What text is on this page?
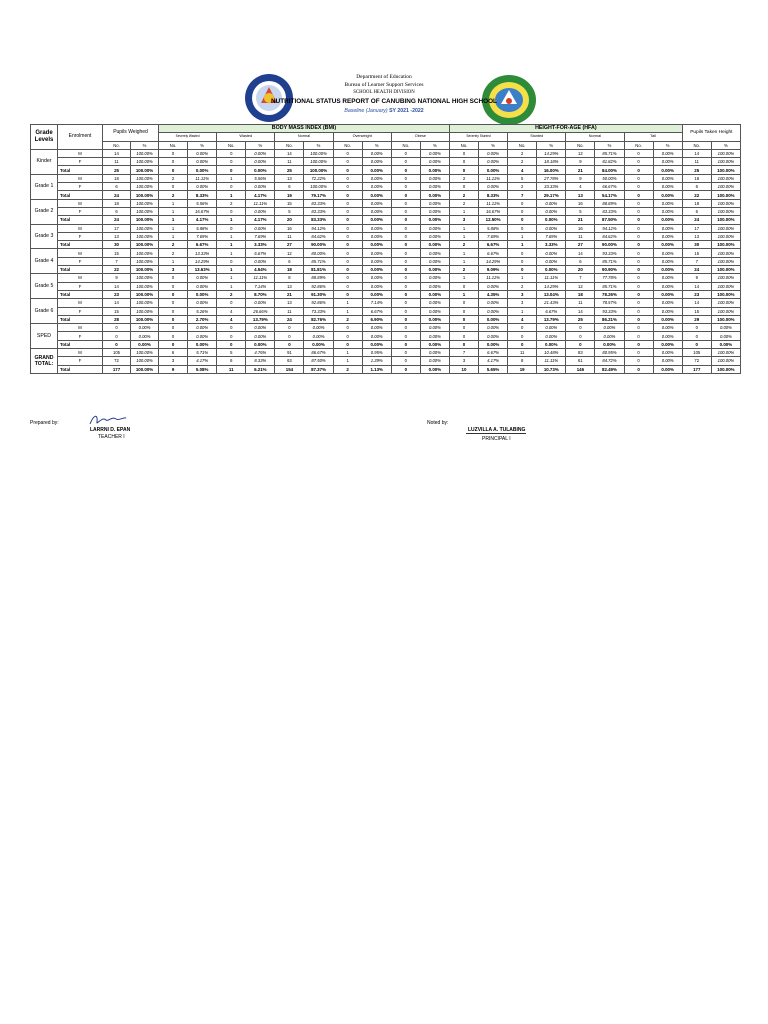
Department of Education
Bureau of Learner Support Services
SCHOOL HEALTH DIVISION
NUTRITIONAL STATUS REPORT OF CANUBING NATIONAL HIGH SCHOOL
Baseline (January) SY 2021 -2022
Grade Levels	Enrolment	Pupils Weighed		BODY MASS INDEX (BMI)										HEIGHT-FOR-AGE (HFA)								Pupils Taken Height	
				Severely Wasted		Wasted		Normal		Overweight		Obese		Severely Stunted		Stunted		Normal		Tall			
		No.	%	No.	%	No.	%	No.	%	No.	%	No.	%	No.	%	No.	%	No.	%	No.	%	No.	%
Kinder	M	14	100.00%	0	0.00%	0	0.00%	14	100.00%	0	0.00%	0	0.00%	0	0.00%	2	14.29%	12	85.71%	0	0.00%	14	100.00%
	F	11	100.00%	0	0.00%	0	0.00%	11	100.00%	0	0.00%	0	0.00%	0	0.00%	2	18.18%	9	81.82%	0	0.00%	11	100.00%
	Total	25	100.00%	0	0.00%	0	0.00%	25	100.00%	0	0.00%	0	0.00%	0	0.00%	4	16.00%	21	84.00%	0	0.00%	25	100.00%
Grade 1	M	18	100.00%	2	11.11%	1	5.56%	13	72.22%	0	0.00%	0	0.00%	2	11.11%	5	27.78%	9	50.00%	0	0.00%	18	100.00%
	F	6	100.00%	0	0.00%	0	0.00%	6	100.00%	0	0.00%	0	0.00%	0	0.00%	2	33.33%	4	66.67%	0	0.00%	6	100.00%
	Total	24	100.00%	2	8.33%	1	4.17%	19	79.17%	0	0.00%	0	0.00%	2	8.33%	7	29.17%	13	54.17%	0	0.00%	22	100.00%
Grade 2	M	18	100.00%	1	5.56%	2	11.11%	15	83.33%	0	0.00%	0	0.00%	2	11.11%	0	0.00%	16	88.89%	0	0.00%	18	100.00%
	F	6	100.00%	1	16.67%	0	0.00%	5	83.33%	0	0.00%	0	0.00%	1	16.67%	0	0.00%	5	83.33%	0	0.00%	6	100.00%
	Total	24	100.00%	1	4.17%	1	4.17%	20	83.33%	0	0.00%	0	0.00%	3	12.50%	0	0.00%	21	87.50%	0	0.00%	24	100.00%
Grade 3	M	17	100.00%	1	5.88%	0	0.00%	16	94.12%	0	0.00%	0	0.00%	1	5.88%	0	0.00%	16	94.12%	0	0.00%	17	100.00%
	F	13	100.00%	1	7.69%	1	7.69%	11	84.62%	0	0.00%	0	0.00%	1	7.69%	1	7.69%	11	84.62%	0	0.00%	13	100.00%
	Total	30	100.00%	2	6.67%	1	3.33%	27	90.00%	0	0.00%	0	0.00%	2	6.67%	1	3.33%	27	90.00%	0	0.00%	30	100.00%
Grade 4	M	15	100.00%	2	13.33%	1	6.67%	12	80.00%	0	0.00%	0	0.00%	1	6.67%	0	0.00%	14	93.33%	0	0.00%	15	100.00%
	F	7	100.00%	1	14.29%	0	0.00%	6	85.71%	0	0.00%	0	0.00%	1	14.29%	0	0.00%	6	85.71%	0	0.00%	7	100.00%
	Total	22	100.00%	3	13.63%	1	4.54%	18	81.81%	0	0.00%	0	0.00%	2	9.09%	0	0.00%	20	90.90%	0	0.00%	24	100.00%
Grade 5	M	9	100.00%	0	0.00%	1	11.11%	8	88.89%	0	0.00%	0	0.00%	1	11.11%	1	11.11%	7	77.78%	0	0.00%	9	100.00%
	F	14	100.00%	0	0.00%	1	7.14%	13	92.86%	0	0.00%	0	0.00%	0	0.00%	2	14.29%	12	85.71%	0	0.00%	14	100.00%
	Total	23	100.00%	0	0.00%	2	8.70%	21	91.30%	0	0.00%	0	0.00%	1	4.35%	3	13.04%	18	78.26%	0	0.00%	23	100.00%
Grade 6	M	14	100.00%	0	0.00%	0	0.00%	13	92.86%	1	7.14%	0	0.00%	0	0.00%	3	21.43%	11	78.57%	0	0.00%	14	100.00%
	F	15	100.00%	0	5.26%	4	26.66%	11	73.33%	1	6.67%	0	0.00%	0	0.00%	1	6.67%	14	93.33%	0	0.00%	15	100.00%
	Total	28	100.00%	0	2.70%	4	13.79%	24	82.76%	2	6.90%	0	0.00%	0	0.00%	4	13.79%	25	86.21%	0	0.00%	29	100.00%
SPED	M	0	0.00%	0	0.00%	0	0.00%	0	0.00%	0	0.00%	0	0.00%	0	0.00%	0	0.00%	0	0.00%	0	0.00%	0	0.00%
	F	0	0.00%	0	0.00%	0	0.00%	0	0.00%	0	0.00%	0	0.00%	0	0.00%	0	0.00%	0	0.00%	0	0.00%	0	0.00%
	Total	0	0.00%	0	0.00%	0	0.00%	0	0.00%	0	0.00%	0	0.00%	0	0.00%	0	0.00%	0	0.00%	0	0.00%	0	0.00%
GRAND TOTAL:	M	105	100.00%	6	5.71%	5	4.76%	91	86.67%	1	0.95%	0	0.00%	7	6.67%	11	10.48%	83	80.95%	0	0.00%	105	100.00%
	F	72	100.00%	3	4.17%	6	8.33%	63	87.50%	1	1.39%	0	0.00%	3	4.17%	8	11.11%	61	84.72%	0	0.00%	72	100.00%
	Total	177	100.00%	9	5.08%	11	6.21%	154	87.37%	2	1.13%	0	0.00%	10	5.65%	19	10.73%	146	82.49%	0	0.00%	177	100.00%
Prepared by:
LARRNI D. EPAN
TEACHER I
Noted by:
LUZVILLA A. TULABING
PRINCIPAL I
